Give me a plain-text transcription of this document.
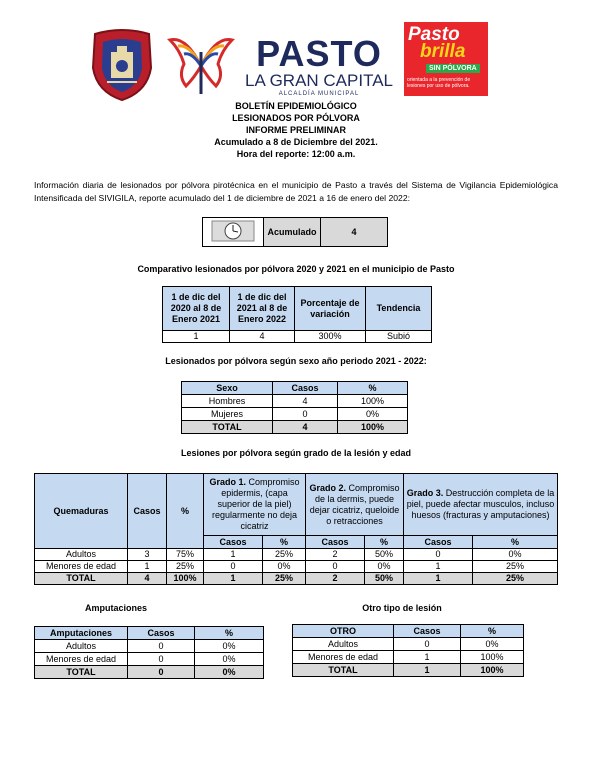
PASTO
LA GRAN CAPITAL
ALCALDÍA MUNICIPAL
Pasto
brilla
SIN PÓLVORA
orientada a la prevención de lesiones por uso de pólvora.
BOLETÍN EPIDEMIOLÓGICO
LESIONADOS POR PÓLVORA
INFORME PRELIMINAR
Acumulado a 8 de Diciembre del 2021.
Hora del reporte: 12:00 a.m.
Información diaria de lesionados por pólvora pirotécnica en el municipio de Pasto a través del Sistema de Vigilancia Epidemiológica Intensificada del SIVIGILA, reporte acumulado del 1 de diciembre de 2021 a 16 de enero del 2022:
	Acumulado	4
Comparativo lesionados por pólvora 2020 y 2021 en el municipio de Pasto
1 de dic del 2020 al 8 de Enero 2021	1 de dic del 2021 al 8 de Enero 2022	Porcentaje de variación	Tendencia
1	4	300%	Subió
Lesionados por pólvora según sexo año periodo 2021 - 2022:
Sexo	Casos	%
Hombres	4	100%
Mujeres	0	0%
TOTAL	4	100%
Lesiones por pólvora según grado de la lesión y edad
Quemaduras	Casos	%	Grado 1. Compromiso epidermis, (capa superior de la piel) regularmente no deja cicatriz		Grado 2. Compromiso de la dermis, puede dejar cicatriz, queloide o retracciones		Grado 3. Destrucción completa de la piel, puede afectar musculos, incluso huesos (fracturas y amputaciones)	
			Casos	%	Casos	%	Casos	%
Adultos	3	75%	1	25%	2	50%	0	0%
Menores de edad	1	25%	0	0%	0	0%	1	25%
TOTAL	4	100%	1	25%	2	50%	1	25%
Amputaciones
Amputaciones	Casos	%
Adultos	0	0%
Menores de edad	0	0%
TOTAL	0	0%
Otro tipo de lesión
OTRO	Casos	%
Adultos	0	0%
Menores de edad	1	100%
TOTAL	1	100%
